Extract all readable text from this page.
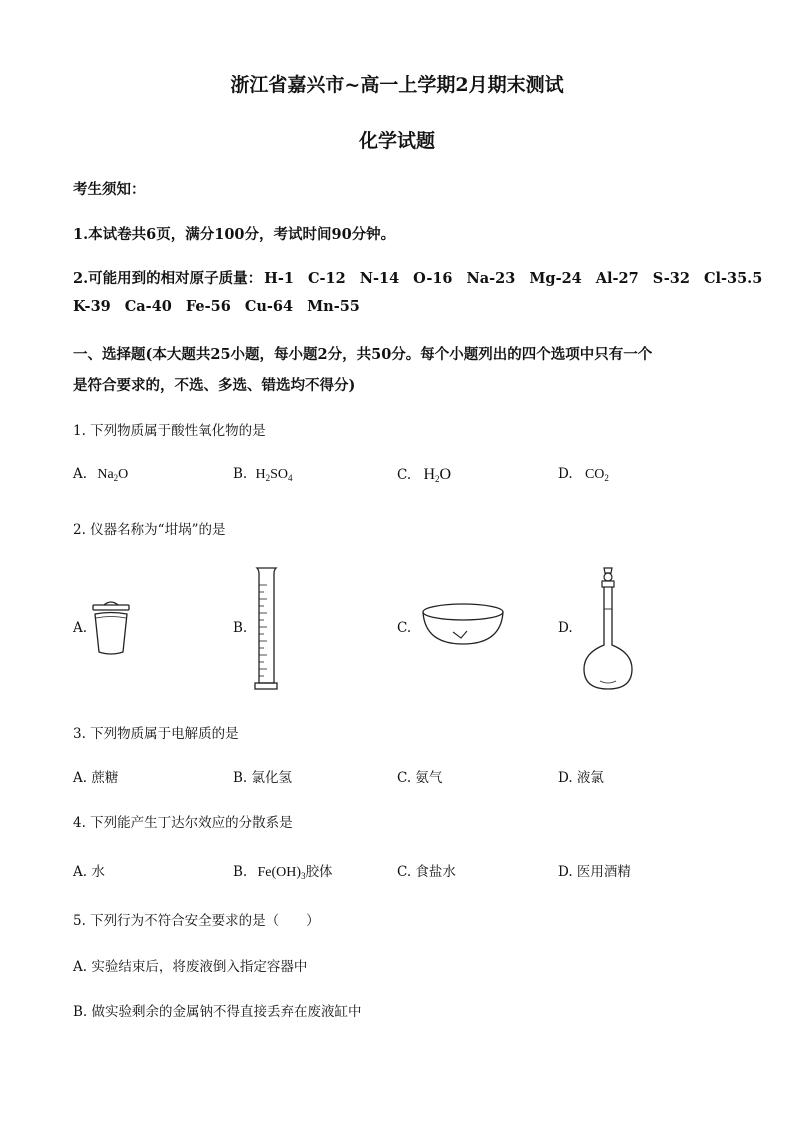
浙江省嘉兴市~高一上学期2月期末测试
化学试题
考生须知：
1.本试卷共6页，满分100分，考试时间90分钟。
2.可能用到的相对原子质量： H-1 C-12 N-14 O-16 Na-23 Mg-24 Al-27 S-32 Cl-35.5
K-39 Ca-40 Fe-56 Cu-64 Mn-55
一、选择题(本大题共25小题，每小题2分，共50分。每个小题列出的四个选项中只有一个
是符合要求的，不选、多选、错选均不得分)
1. 下列物质属于酸性氧化物的是
A. $Na_2O$	B. $H_2SO_4$	C. $H_2O$	D. $CO_2$
2. 仪器名称为“坩埚”的是
A.	B.	C.	D.
3. 下列物质属于电解质的是
A. 蔗糖	B. 氯化氢	C. 氨气	D. 液氯
4. 下列能产生丁达尔效应的分散系是
A. 水	B. $Fe(OH)_3$胶体	C. 食盐水	D. 医用酒精
5. 下列行为不符合安全要求的是（　　）
A. 实验结束后，将废液倒入指定容器中
B. 做实验剩余的金属钠不得直接丢弃在废液缸中
